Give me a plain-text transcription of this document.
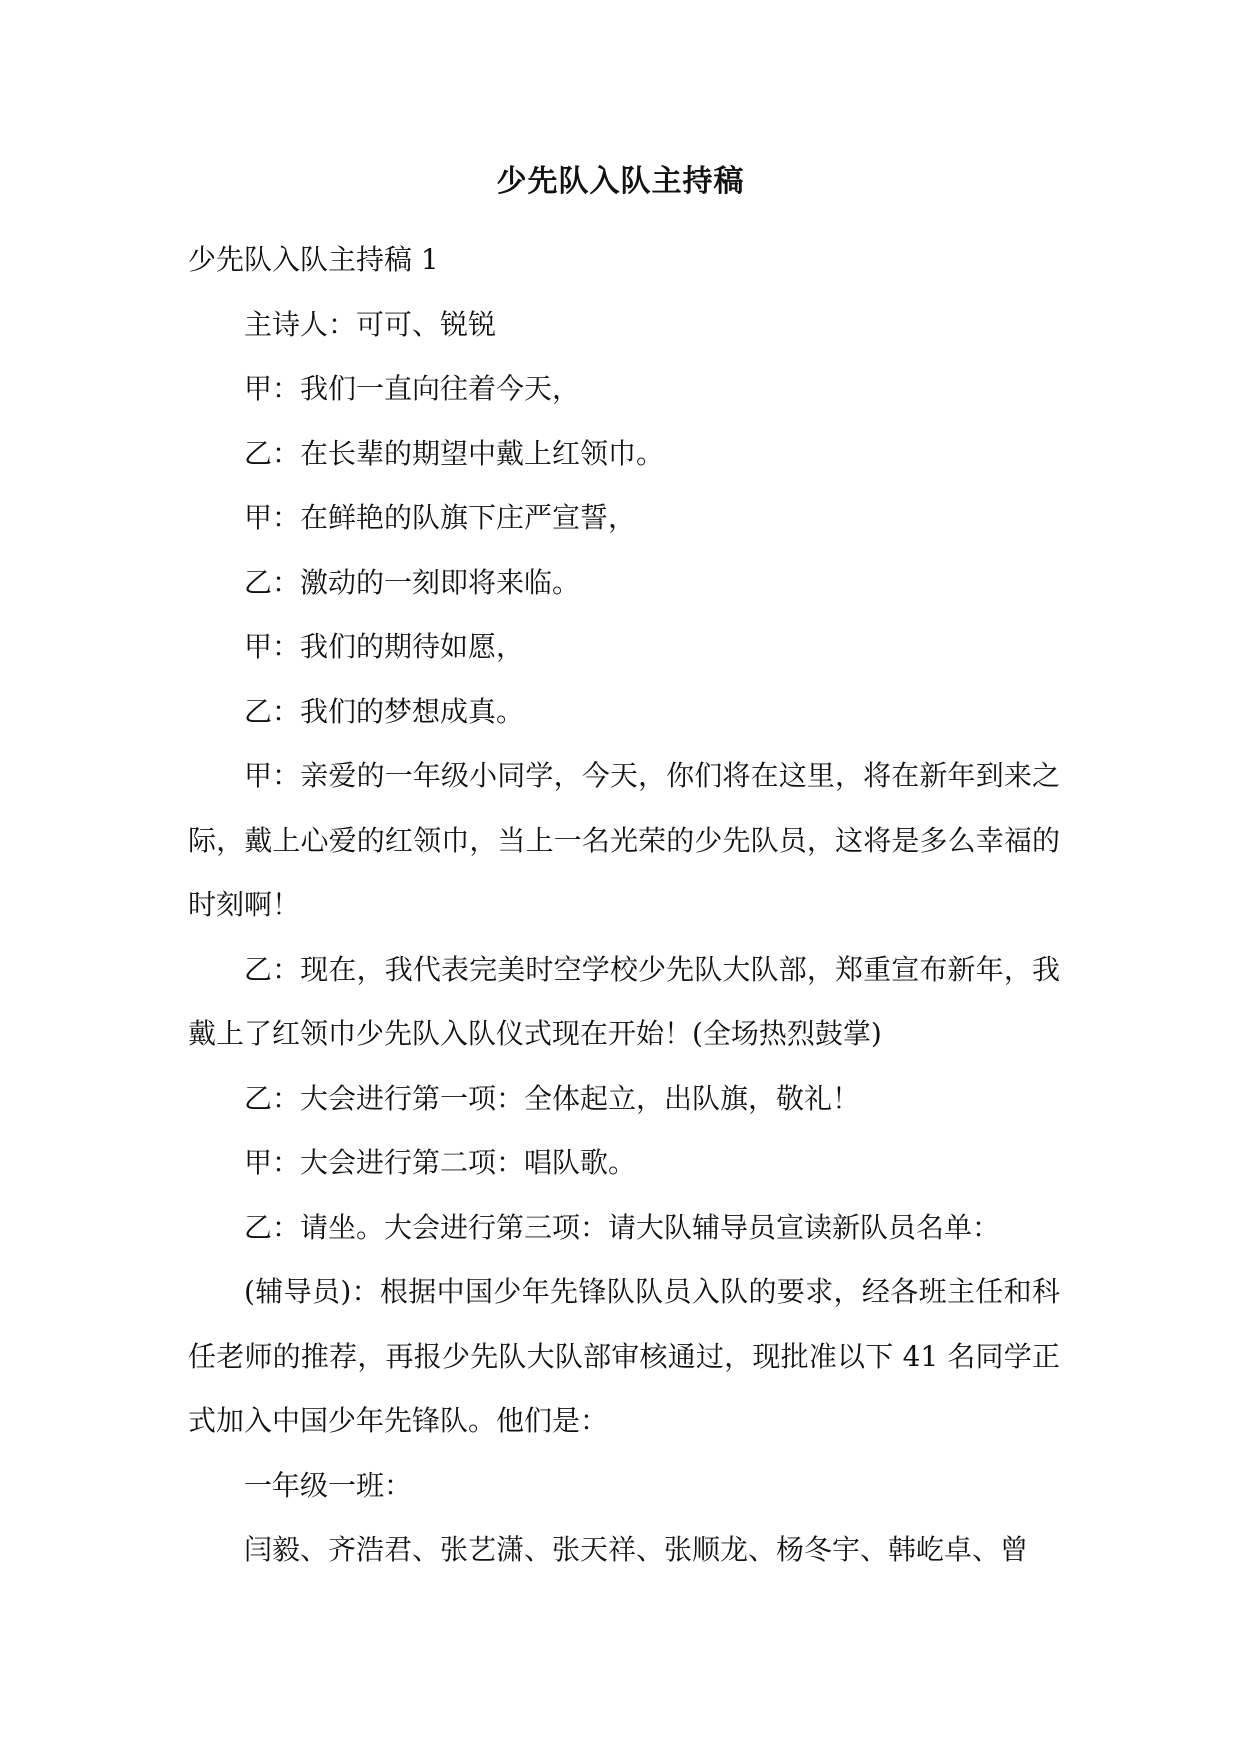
少先队入队主持稿

少先队入队主持稿 1

主诗人：可可、锐锐

甲：我们一直向往着今天，

乙：在长辈的期望中戴上红领巾。

甲：在鲜艳的队旗下庄严宣誓，

乙：激动的一刻即将来临。

甲：我们的期待如愿，

乙：我们的梦想成真。

甲：亲爱的一年级小同学，今天，你们将在这里，将在新年到来之际，戴上心爱的红领巾，当上一名光荣的少先队员，这将是多么幸福的时刻啊！

乙：现在，我代表完美时空学校少先队大队部，郑重宣布新年，我戴上了红领巾少先队入队仪式现在开始！(全场热烈鼓掌)

乙：大会进行第一项：全体起立，出队旗，敬礼！

甲：大会进行第二项：唱队歌。

乙：请坐。大会进行第三项：请大队辅导员宣读新队员名单：

(辅导员)：根据中国少年先锋队队员入队的要求，经各班主任和科任老师的推荐，再报少先队大队部审核通过，现批准以下 41 名同学正式加入中国少年先锋队。他们是：

一年级一班：

闫毅、齐浩君、张艺潇、张天祥、张顺龙、杨冬宇、韩屹卓、曾
